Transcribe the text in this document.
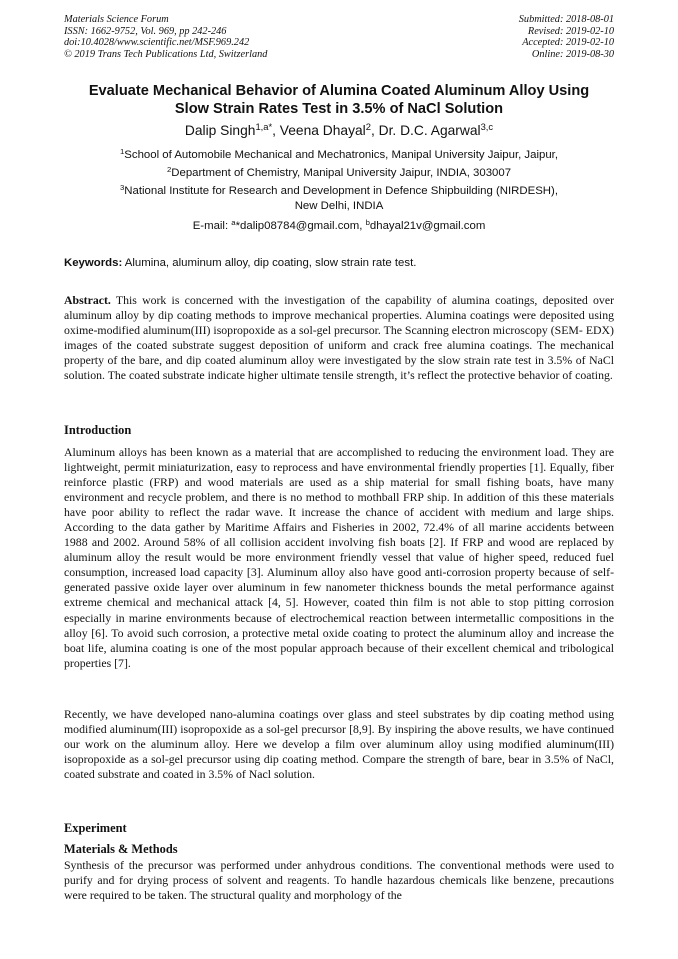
Materials Science Forum
ISSN: 1662-9752, Vol. 969, pp 242-246
doi:10.4028/www.scientific.net/MSF.969.242
© 2019 Trans Tech Publications Ltd, Switzerland
Submitted: 2018-08-01
Revised: 2019-02-10
Accepted: 2019-02-10
Online: 2019-08-30
Evaluate Mechanical Behavior of Alumina Coated Aluminum Alloy Using
Slow Strain Rates Test in 3.5% of NaCl Solution
Dalip Singh$^{1,a*}$, Veena Dhayal$^2$, Dr. D.C. Agarwal$^{3,c}$
$^1$School of Automobile Mechanical and Mechatronics, Manipal University Jaipur, Jaipur,
$^2$Department of Chemistry, Manipal University Jaipur, INDIA, 303007
$^3$National Institute for Research and Development in Defence Shipbuilding (NIRDESH),
New Delhi, INDIA
E-mail: $^a$*dalip08784@gmail.com, $^b$dhayal21v@gmail.com
Keywords: Alumina, aluminum alloy, dip coating, slow strain rate test.
Abstract. This work is concerned with the investigation of the capability of alumina coatings, deposited over aluminum alloy by dip coating methods to improve mechanical properties. Alumina coatings were deposited using oxime-modified aluminum(III) isopropoxide as a sol-gel precursor. The Scanning electron microscopy (SEM- EDX) images of the coated substrate suggest deposition of uniform and crack free alumina coatings. The mechanical property of the bare, and dip coated aluminum alloy were investigated by the slow strain rate test in 3.5% of NaCl solution. The coated substrate indicate higher ultimate tensile strength, it’s reflect the protective behavior of coating.
Introduction
Aluminum alloys has been known as a material that are accomplished to reducing the environment load. They are lightweight, permit miniaturization, easy to reprocess and have environmental friendly properties [1]. Equally, fiber reinforce plastic (FRP) and wood materials are used as a ship material for small fishing boats, have many environment and recycle problem, and there is no method to mothball FRP ship. In addition of this these materials have poor ability to reflect the radar wave. It increase the chance of accident with medium and large ships. According to the data gather by Maritime Affairs and Fisheries in 2002, 72.4% of all marine accidents between 1988 and 2002. Around 58% of all collision accident involving fish boats [2]. If FRP and wood are replaced by aluminum alloy the result would be more environment friendly vessel that value of higher speed, reduced fuel consumption, increased load capacity [3]. Aluminum alloy also have good anti-corrosion property because of self-generated passive oxide layer over aluminum in few nanometer thickness bounds the metal performance against extreme chemical and mechanical attack [4, 5]. However, coated thin film is not able to stop pitting corrosion especially in marine environments because of electrochemical reaction between intermetallic compositions in the alloy [6]. To avoid such corrosion, a protective metal oxide coating to protect the aluminum alloy and increase the boat life, alumina coating is one of the most popular approach because of their excellent chemical and tribological properties [7].
Recently, we have developed nano-alumina coatings over glass and steel substrates by dip coating method using modified aluminum(III) isopropoxide as a sol-gel precursor [8,9]. By inspiring the above results, we have continued our work on the aluminum alloy. Here we develop a film over aluminum alloy using modified aluminum(III) isopropoxide as a sol-gel precursor using dip coating method. Compare the strength of bare, bear in 3.5% of NaCl, coated substrate and coated in 3.5% of Nacl solution.
Experiment
Materials & Methods
Synthesis of the precursor was performed under anhydrous conditions. The conventional methods were used to purify and for drying process of solvent and reagents. To handle hazardous chemicals like benzene, precautions were required to be taken. The structural quality and morphology of the
